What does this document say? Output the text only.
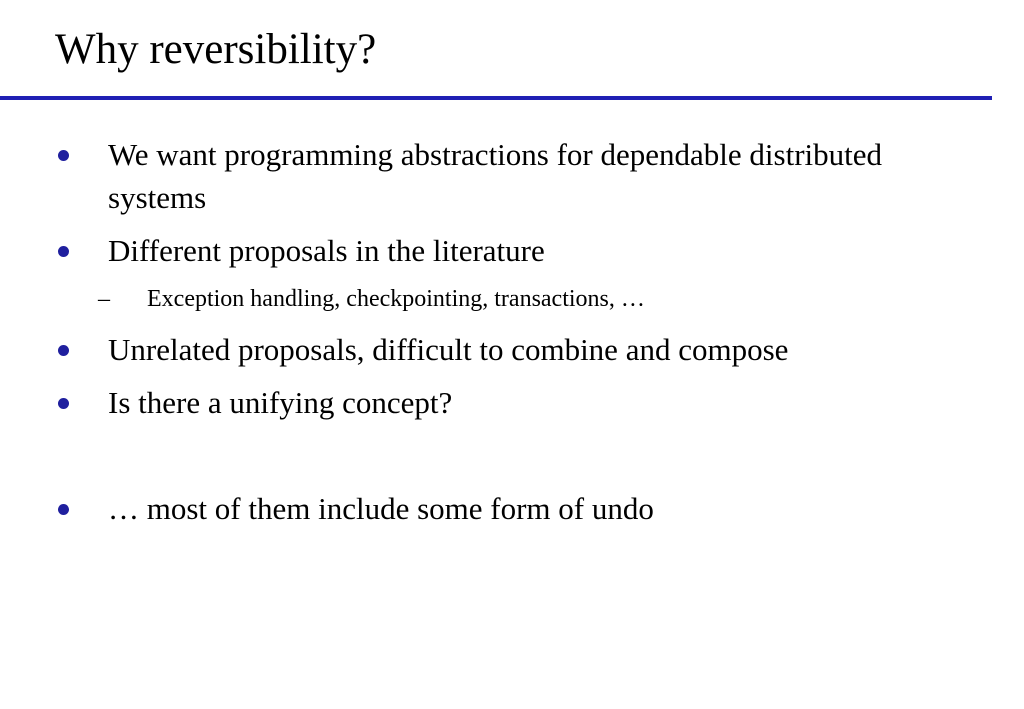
Why reversibility?
We want programming abstractions for dependable distributed systems
Different proposals in the literature
– Exception handling, checkpointing, transactions, …
Unrelated proposals, difficult to combine and compose
Is there a unifying concept?
… most of them include some form of undo
